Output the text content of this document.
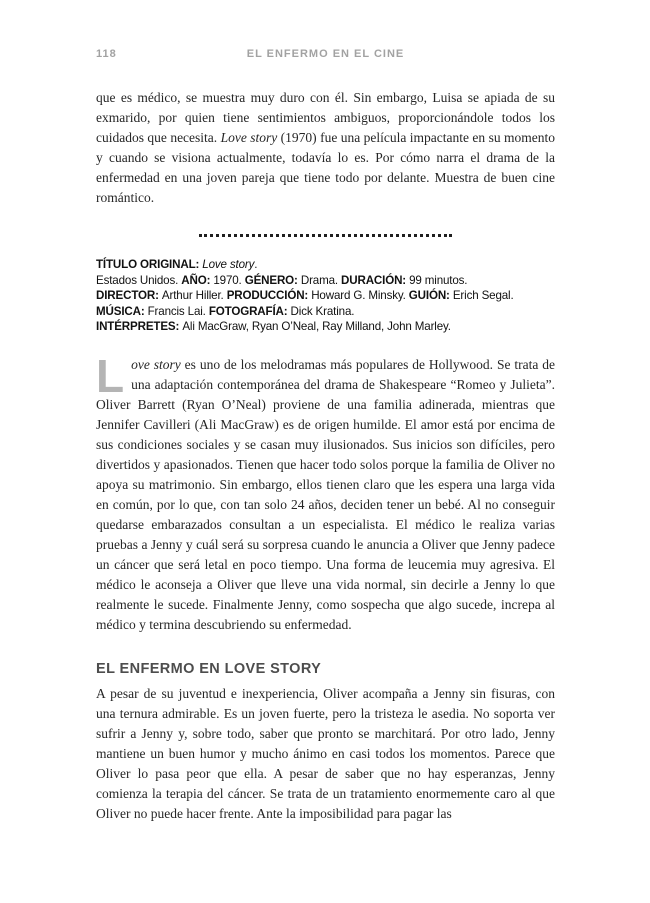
118	EL ENFERMO EN EL CINE

que es médico, se muestra muy duro con él. Sin embargo, Luisa se apiada de su exmarido, por quien tiene sentimientos ambiguos, proporcionándole todos los cuidados que necesita. Love story (1970) fue una película impactante en su momento y cuando se visiona actualmente, todavía lo es. Por cómo narra el drama de la enfermedad en una joven pareja que tiene todo por delante. Muestra de buen cine romántico.

TÍTULO ORIGINAL: Love story.

Estados Unidos. AÑO: 1970. GÉNERO: Drama. DURACIÓN: 99 minutos.

DIRECTOR: Arthur Hiller. PRODUCCIÓN: Howard G. Minsky. GUIÓN: Erich Segal. MÚSICA: Francis Lai. FOTOGRAFÍA: Dick Kratina.

INTÉRPRETES: Ali MacGraw, Ryan O’Neal, Ray Milland, John Marley.

Love story es uno de los melodramas más populares de Hollywood. Se trata de una adaptación contemporánea del drama de Shakespeare “Romeo y Julieta”. Oliver Barrett (Ryan O’Neal) proviene de una familia adinerada, mientras que Jennifer Cavilleri (Ali MacGraw) es de origen humilde. El amor está por encima de sus condiciones sociales y se casan muy ilusionados. Sus inicios son difíciles, pero divertidos y apasionados. Tienen que hacer todo solos porque la familia de Oliver no apoya su matrimonio. Sin embargo, ellos tienen claro que les espera una larga vida en común, por lo que, con tan solo 24 años, deciden tener un bebé. Al no conseguir quedarse embarazados consultan a un especialista. El médico le realiza varias pruebas a Jenny y cuál será su sorpresa cuando le anuncia a Oliver que Jenny padece un cáncer que será letal en poco tiempo. Una forma de leucemia muy agresiva. El médico le aconseja a Oliver que lleve una vida normal, sin decirle a Jenny lo que realmente le sucede. Finalmente Jenny, como sospecha que algo sucede, increpa al médico y termina descubriendo su enfermedad.

EL ENFERMO EN LOVE STORY

A pesar de su juventud e inexperiencia, Oliver acompaña a Jenny sin fisuras, con una ternura admirable. Es un joven fuerte, pero la tristeza le asedia. No soporta ver sufrir a Jenny y, sobre todo, saber que pronto se marchitará. Por otro lado, Jenny mantiene un buen humor y mucho ánimo en casi todos los momentos. Parece que Oliver lo pasa peor que ella. A pesar de saber que no hay esperanzas, Jenny comienza la terapia del cáncer. Se trata de un tratamiento enormemente caro al que Oliver no puede hacer frente. Ante la imposibilidad para pagar las
